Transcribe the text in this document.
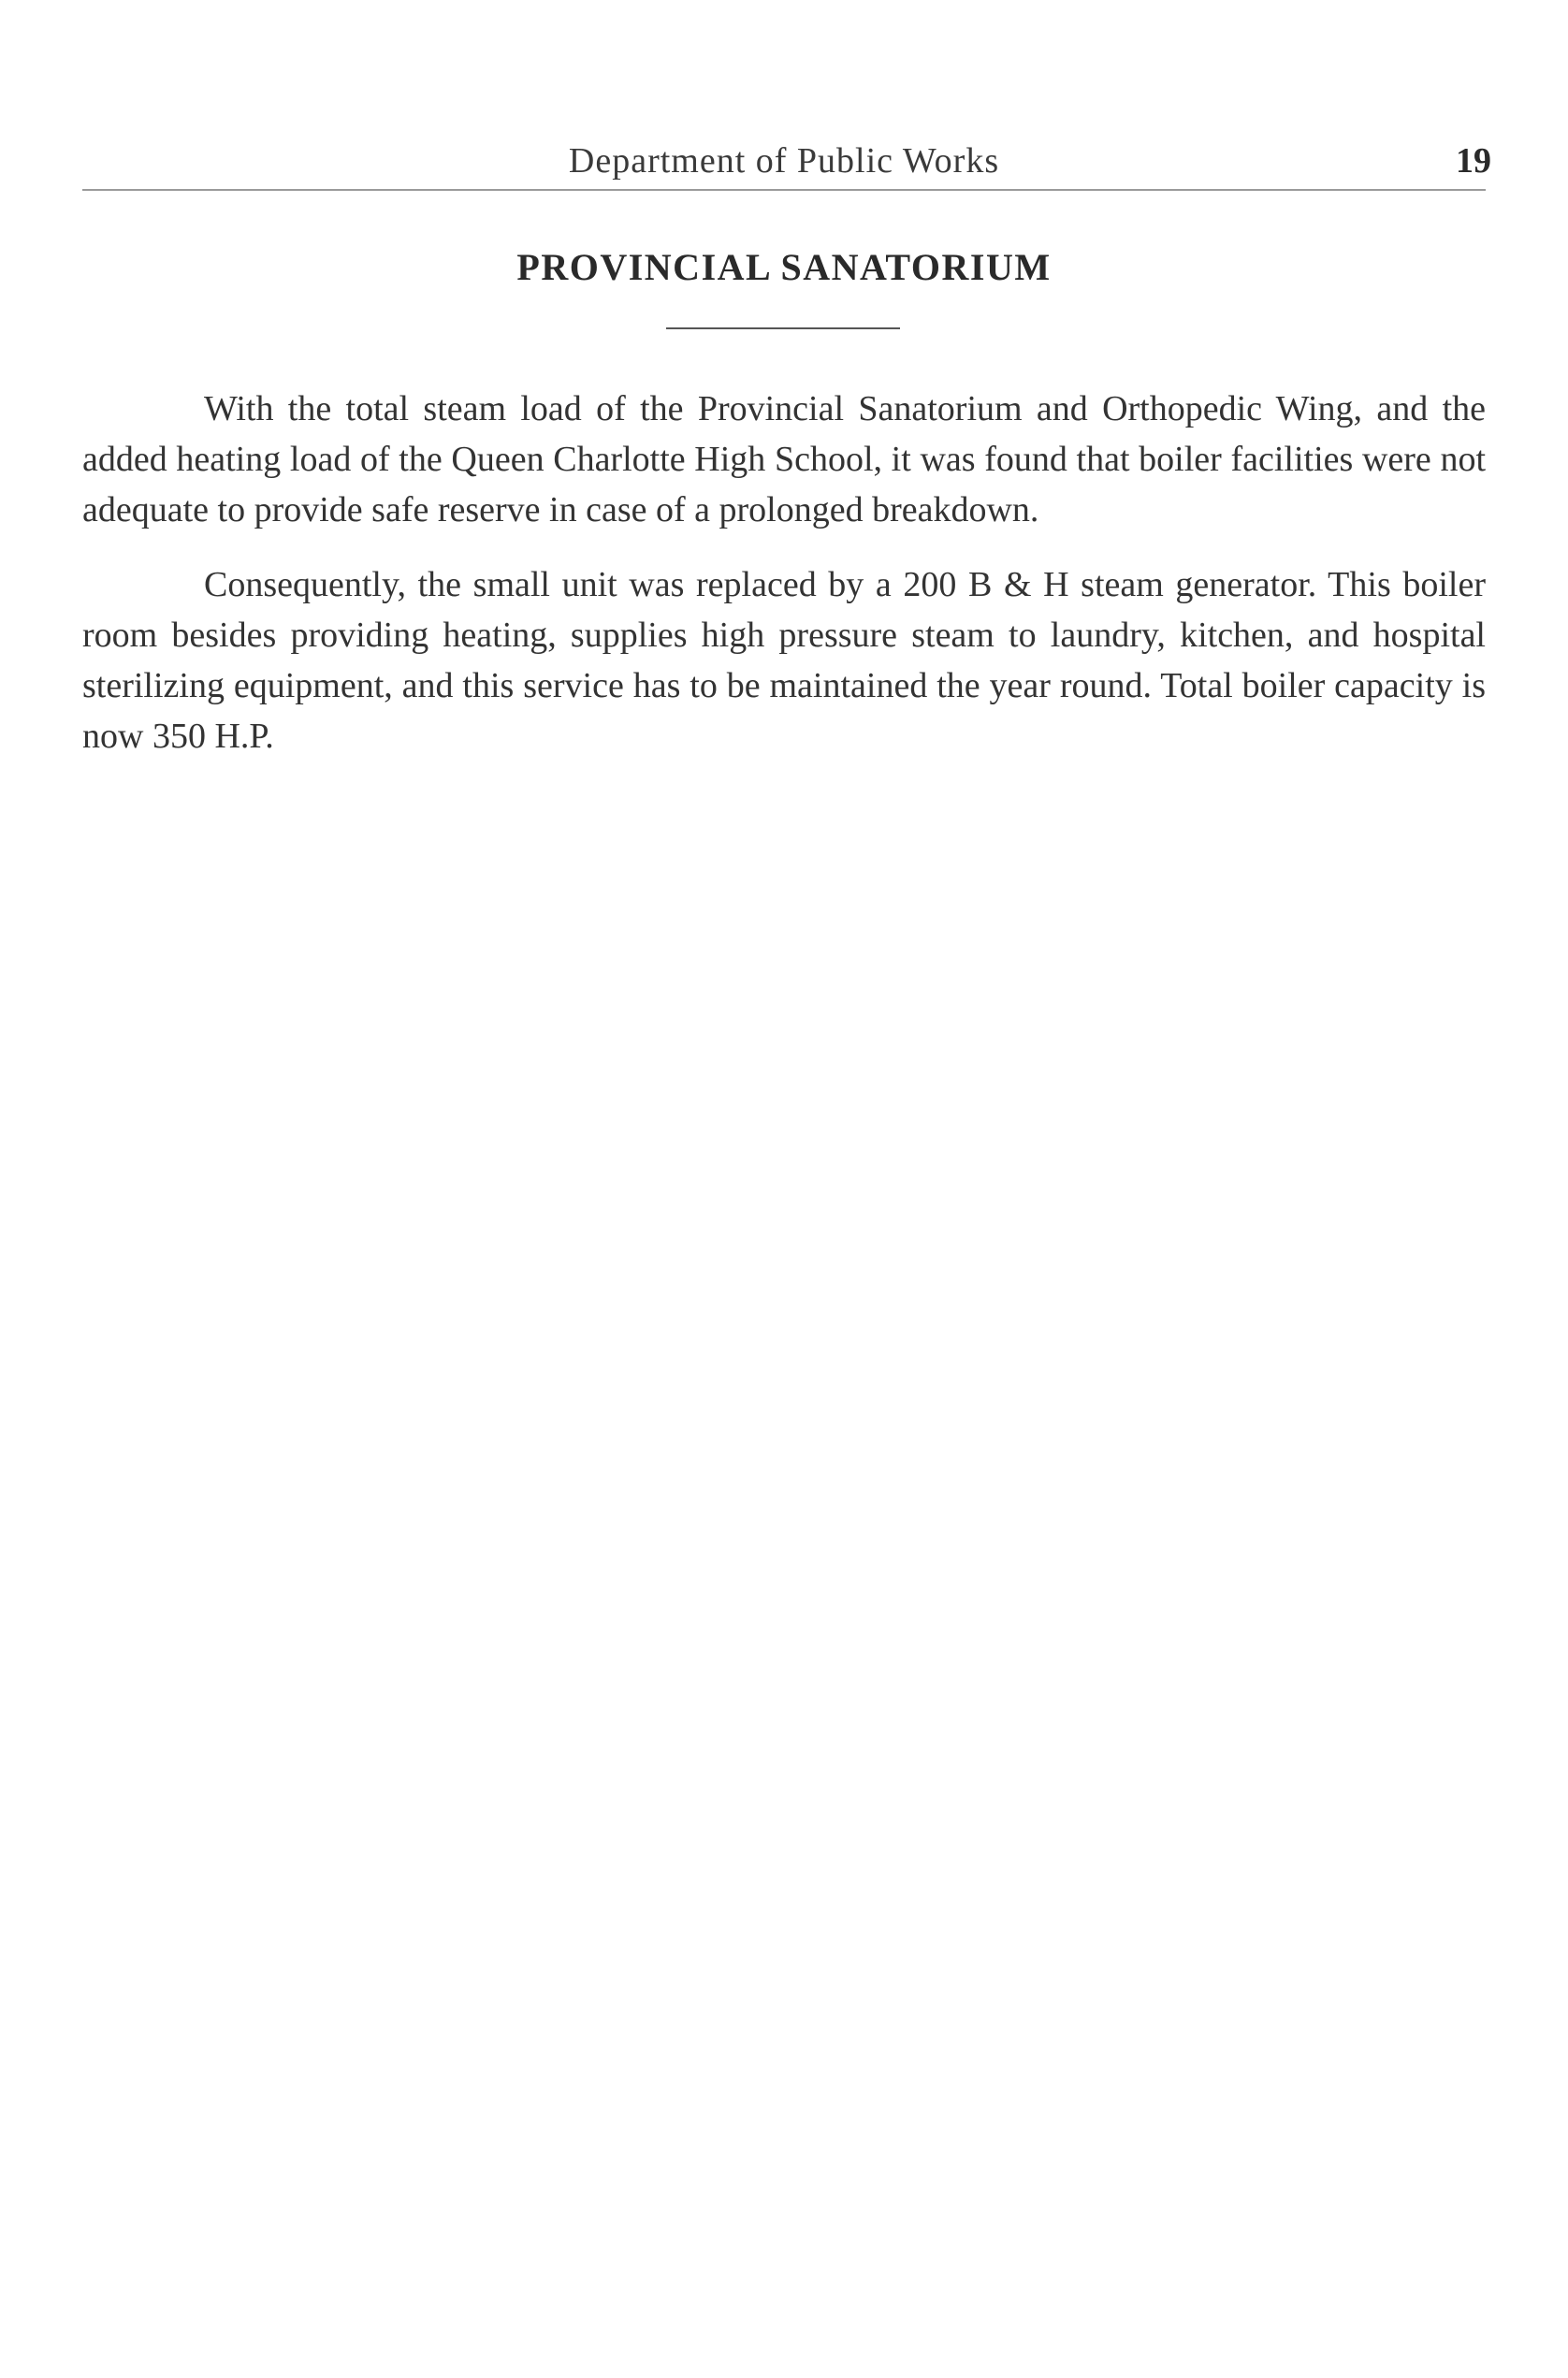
Department of Public Works	19
PROVINCIAL SANATORIUM

With the total steam load of the Provincial Sanatorium and Orthopedic Wing, and the added heating load of the Queen Charlotte High School, it was found that boiler facilities were not adequate to provide safe reserve in case of a prolonged breakdown.

Consequently, the small unit was replaced by a 200 B & H steam generator. This boiler room besides providing heating, supplies high pressure steam to laundry, kitchen, and hospital sterilizing equipment, and this service has to be maintained the year round. Total boiler capacity is now 350 H.P.
